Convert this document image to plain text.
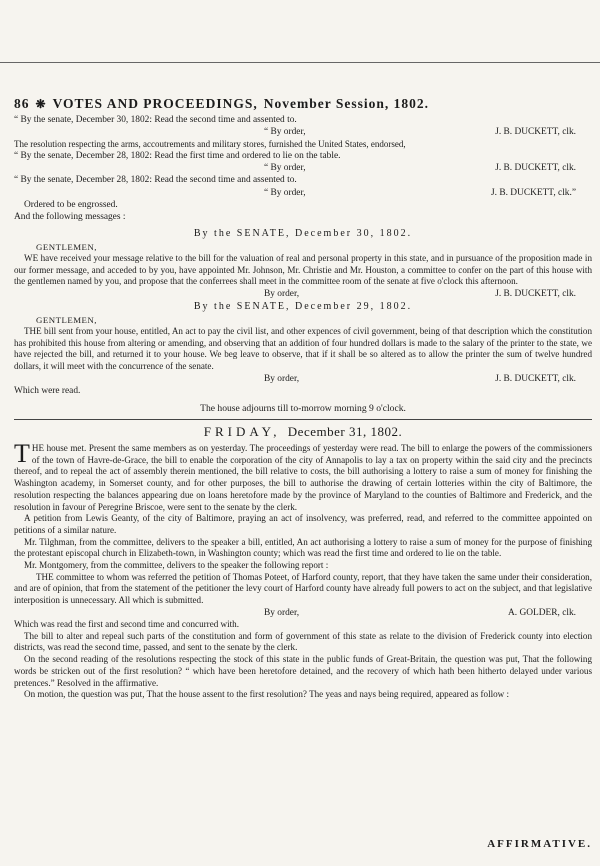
86 ❋ VOTES AND PROCEEDINGS, November Session, 1802.
“ By the senate, December 30, 1802: Read the second time and assented to.
“ By order,	J. B. DUCKETT, clk.
The resolution respecting the arms, accoutrements and military stores, furnished the United States, endorsed,
“ By the senate, December 28, 1802: Read the first time and ordered to lie on the table.
“ By order,	J. B. DUCKETT, clk.
“ By the senate, December 28, 1802: Read the second time and assented to.
“ By order,	J. B. DUCKETT, clk.”
Ordered to be engrossed.
And the following messages :
By the SENATE, December 30, 1802.
GENTLEMEN,

WE have received your message relative to the bill for the valuation of real and personal property in this state, and in pursuance of the proposition made in our former message, and acceded to by you, have appointed Mr. Johnson, Mr. Christie and Mr. Houston, a committee to confer on the part of this house with the gentlemen named by you, and propose that the conferrees shall meet in the committee room of the senate at five o'clock this afternoon.

By order,	J. B. DUCKETT, clk.
By the SENATE, December 29, 1802.
GENTLEMEN,

THE bill sent from your house, entitled, An act to pay the civil list, and other expences of civil government, being of that description which the constitution has prohibited this house from altering or amending, and observing that an addition of four hundred dollars is made to the salary of the printer to the state, we have rejected the bill, and returned it to your house. We beg leave to observe, that if it shall be so altered as to allow the printer the sum of twelve hundred dollars, it will meet with the concurrence of the senate.

By order,	J. B. DUCKETT, clk.
Which were read.
The house adjourns till to-morrow morning 9 o'clock.
FRIDAY, December 31, 1802.

THE house met. Present the same members as on yesterday. The proceedings of yesterday were read. The bill to enlarge the powers of the commissioners of the town of Havre-de-Grace, the bill to enable the corporation of the city of Annapolis to lay a tax on property within the said city and the precincts thereof, and to repeal the act of assembly therein mentioned, the bill relative to costs, the bill authorising a lottery to raise a sum of money for finishing the Washington academy, in Somerset county, and for other purposes, the bill to authorise the drawing of certain lotteries within the city of Baltimore, the resolution respecting the balances appearing due on loans heretofore made by the province of Maryland to the counties of Baltimore and Frederick, and the resolution in favour of Peregrine Briscoe, were sent to the senate by the clerk.

A petition from Lewis Geanty, of the city of Baltimore, praying an act of insolvency, was preferred, read, and referred to the committee appointed on petitions of a similar nature.

Mr. Tilghman, from the committee, delivers to the speaker a bill, entitled, An act authorising a lottery to raise a sum of money for the purpose of finishing the protestant episcopal church in Elizabeth-town, in Washington county; which was read the first time and ordered to lie on the table.

Mr. Montgomery, from the committee, delivers to the speaker the following report :

THE committee to whom was referred the petition of Thomas Poteet, of Harford county, report, that they have taken the same under their consideration, and are of opinion, that from the statement of the petitioner the levy court of Harford county have already full powers to act on the subject, and that legislative interposition is unnecessary. All which is submitted.

By order,	A. GOLDER, clk.

Which was read the first and second time and concurred with.

The bill to alter and repeal such parts of the constitution and form of government of this state as relate to the division of Frederick county into election districts, was read the second time, passed, and sent to the senate by the clerk.

On the second reading of the resolutions respecting the stock of this state in the public funds of Great-Britain, the question was put, That the following words be stricken out of the first resolution? “ which have been heretofore detained, and the recovery of which hath been hitherto delayed under various pretences.” Resolved in the affirmative.

On motion, the question was put, That the house assent to the first resolution? The yeas and nays being required, appeared as follow :

AFFIRMATIVE.
